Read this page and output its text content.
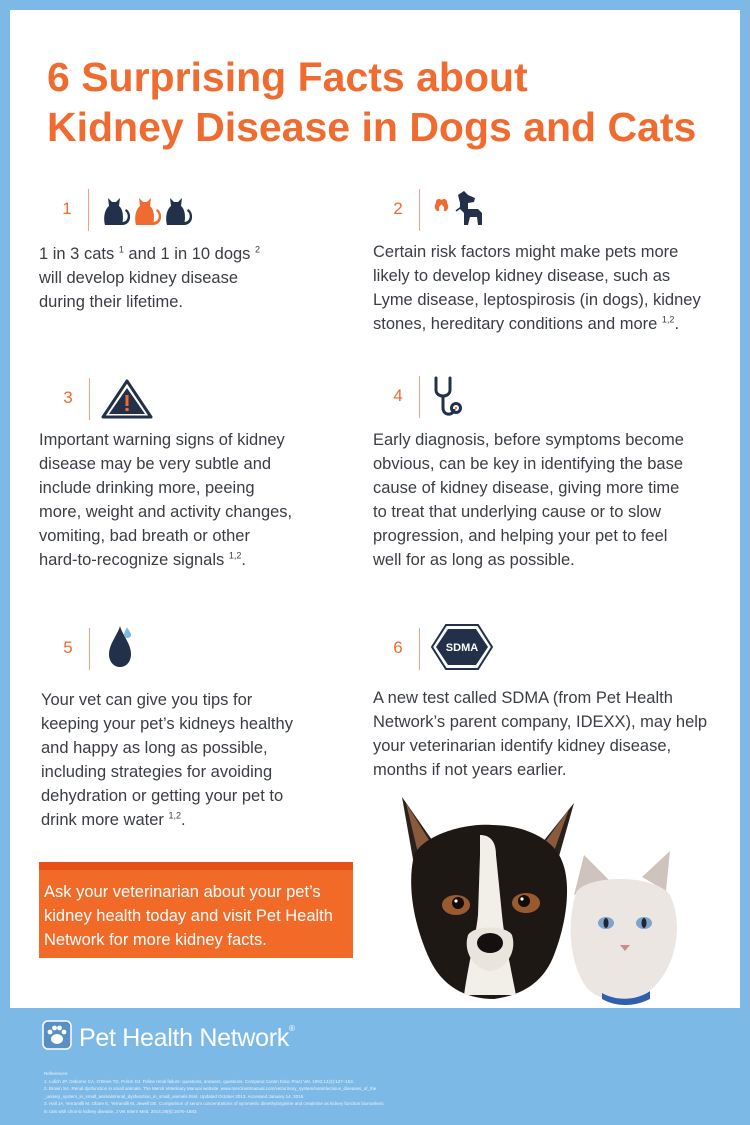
6 Surprising Facts about
Kidney Disease in Dogs and Cats
1
1 in 3 cats $^1$ and 1 in 10 dogs $^2$
will develop kidney disease
during their lifetime.
2
Certain risk factors might make pets more
likely to develop kidney disease, such as
Lyme disease, leptospirosis (in dogs), kidney
stones, hereditary conditions and more $^{1,2}$.
3
Important warning signs of kidney
disease may be very subtle and
include drinking more, peeing
more, weight and activity changes,
vomiting, bad breath or other
hard-to-recognize signals $^{1,2}$.
4
Early diagnosis, before symptoms become
obvious, can be key in identifying the base
cause of kidney disease, giving more time
to treat that underlying cause or to slow
progression, and helping your pet to feel
well for as long as possible.
5
Your vet can give you tips for
keeping your pet’s kidneys healthy
and happy as long as possible,
including strategies for avoiding
dehydration or getting your pet to
drink more water $^{1,2}$.
6	SDMA
A new test called SDMA (from Pet Health
Network’s parent company, IDEXX), may help
your veterinarian identify kidney disease,
months if not years earlier.
Ask your veterinarian about your pet’s
kidney health today and visit Pet Health
Network for more kidney facts.
Pet Health Network®
References:
1. Lulich JP, Osborne CA, O’Brien TD, Polzin DJ. Feline renal failure: questions, answers, questions. Compend Contin Educ Pract Vet. 1992;14(2):127–153.
2. Brown SA. Renal dysfunction in small animals. The Merck Veterinary Manual website. www.merckvetmanual.com/vet/urinary_system/noninfectious_diseases_of_the
_urinary_system_in_small_animals/renal_dysfunction_in_small_animals.html. Updated October 2013. Accessed January 14, 2015.
3. Hall JA, Yerramilli M, Obare E, Yerramilli M, Jewell DE. Comparison of serum concentrations of symmetric dimethylarginine and creatinine as kidney function biomarkers
in cats with chronic kidney disease. J Vet Intern Med. 2014;28(6):1676–1683.
